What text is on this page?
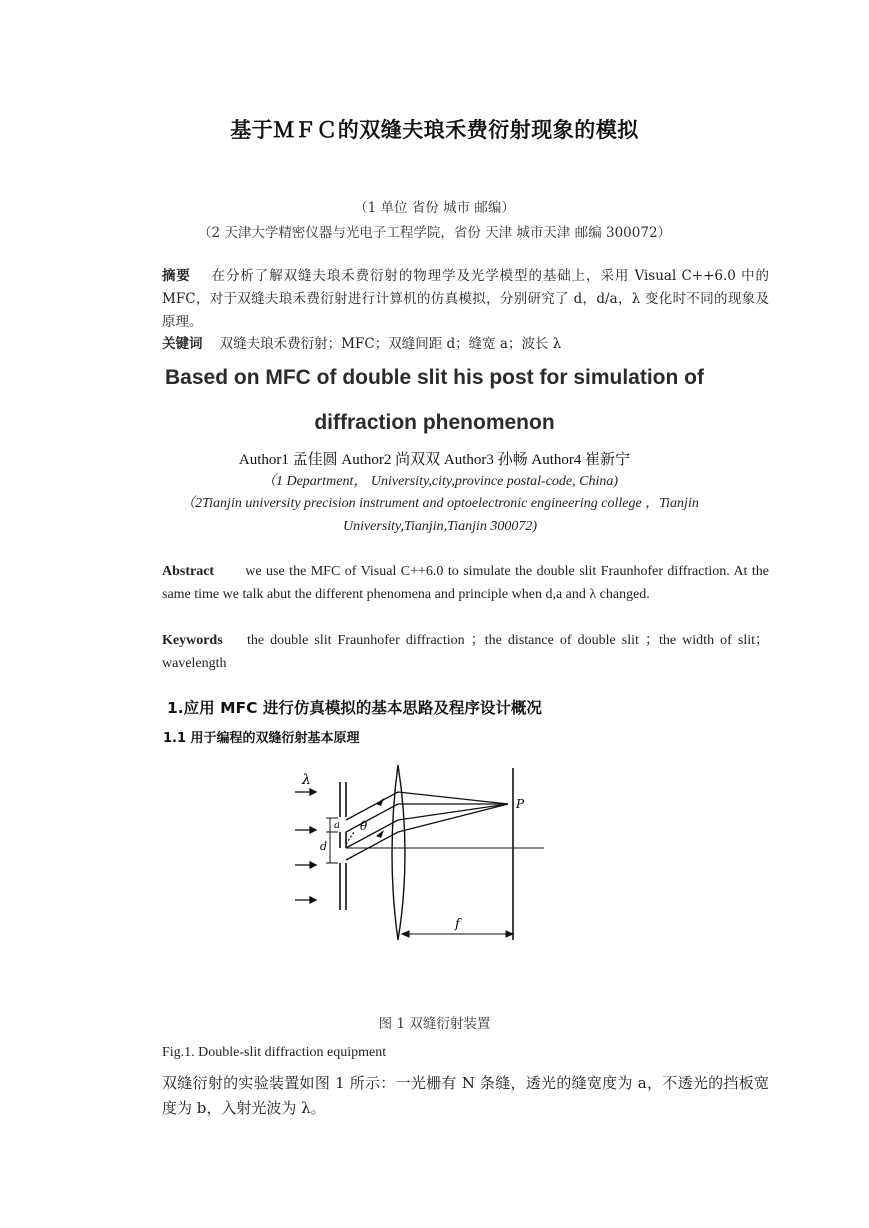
基于ＭＦＣ的双缝夫琅禾费衍射现象的模拟
（1 单位 省份 城市 邮编）
（2 天津大学精密仪器与光电子工程学院，省份 天津 城市天津 邮编 300072）
摘要 在分析了解双缝夫琅禾费衍射的物理学及光学模型的基础上，采用 Visual C++6.0 中的 MFC，对于双缝夫琅禾费衍射进行计算机的仿真模拟，分别研究了 d，d/a，λ 变化时不同的现象及原理。
关键词 双缝夫琅禾费衍射；MFC；双缝间距 d；缝宽 a；波长 λ
Based on MFC of double slit his post for simulation of
diffraction phenomenon
Author1 孟佳圆 Author2 尚双双 Author3 孙畅 Author4 崔新宁
（1 Department， University,city,province postal-code, China)
（2Tianjin university precision instrument and optoelectronic engineering college ，Tianjin University,Tianjin,Tianjin 300072)
Abstract we use the MFC of Visual C++6.0 to simulate the double slit Fraunhofer diffraction. At the same time we talk abut the different phenomena and principle when d,a and λ changed.
Keywords the double slit Fraunhofer diffraction ；the distance of double slit ；the width of slit；wavelength
1.应用 MFC 进行仿真模拟的基本思路及程序设计概况
1.1 用于编程的双缝衍射基本原理
λ
a θ
d
P
f
图 1 双缝衍射装置
Fig.1. Double-slit diffraction equipment
双缝衍射的实验装置如图 1 所示：一光栅有 N 条缝，透光的缝宽度为 a，不透光的挡板宽度为 b，入射光波为 λ。
